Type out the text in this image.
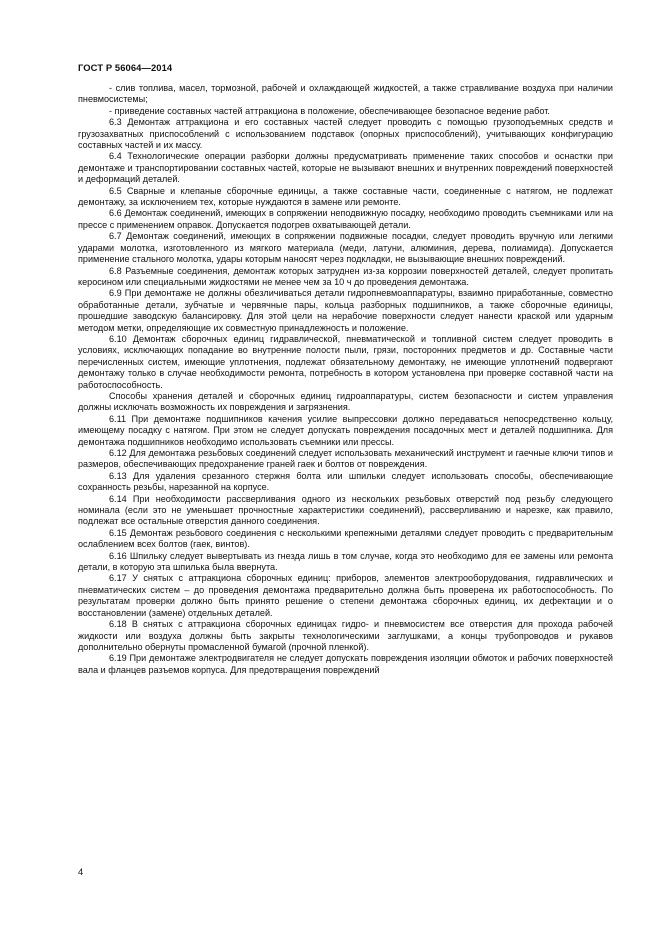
ГОСТ Р 56064—2014

- слив топлива, масел, тормозной, рабочей и охлаждающей жидкостей, а также стравливание воздуха при наличии пневмосистемы;

- приведение составных частей аттракциона в положение, обеспечивающее безопасное ведение работ.

6.3 Демонтаж аттракциона и его составных частей следует проводить с помощью грузоподъемных средств и грузозахватных приспособлений с использованием подставок (опорных приспособлений), учитывающих конфигурацию составных частей и их массу.

6.4 Технологические операции разборки должны предусматривать применение таких способов и оснастки при демонтаже и транспортировании составных частей, которые не вызывают внешних и внутренних повреждений поверхностей и деформаций деталей.

6.5 Сварные и клепаные сборочные единицы, а также составные части, соединенные с натягом, не подлежат демонтажу, за исключением тех, которые нуждаются в замене или ремонте.

6.6 Демонтаж соединений, имеющих в сопряжении неподвижную посадку, необходимо проводить съемниками или на прессе с применением оправок. Допускается подогрев охватывающей детали.

6.7 Демонтаж соединений, имеющих в сопряжении подвижные посадки, следует проводить вручную или легкими ударами молотка, изготовленного из мягкого материала (меди, латуни, алюминия, дерева, полиамида). Допускается применение стального молотка, удары которым наносят через подкладки, не вызывающие внешних повреждений.

6.8 Разъемные соединения, демонтаж которых затруднен из-за коррозии поверхностей деталей, следует пропитать керосином или специальными жидкостями не менее чем за 10 ч до проведения демонтажа.

6.9 При демонтаже не должны обезличиваться детали гидропневмоаппаратуры, взаимно приработанные, совместно обработанные детали, зубчатые и червячные пары, кольца разборных подшипников, а также сборочные единицы, прошедшие заводскую балансировку. Для этой цели на нерабочие поверхности следует нанести краской или ударным методом метки, определяющие их совместную принадлежность и положение.

6.10 Демонтаж сборочных единиц гидравлической, пневматической и топливной систем следует проводить в условиях, исключающих попадание во внутренние полости пыли, грязи, посторонних предметов и др. Составные части перечисленных систем, имеющие уплотнения, подлежат обязательному демонтажу, не имеющие уплотнений подвергают демонтажу только в случае необходимости ремонта, потребность в котором установлена при проверке составной части на работоспособность.

Способы хранения деталей и сборочных единиц гидроаппаратуры, систем безопасности и систем управления должны исключать возможность их повреждения и загрязнения.

6.11 При демонтаже подшипников качения усилие выпрессовки должно передаваться непосредственно кольцу, имеющему посадку с натягом. При этом не следует допускать повреждения посадочных мест и деталей подшипника. Для демонтажа подшипников необходимо использовать съемники или прессы.

6.12 Для демонтажа резьбовых соединений следует использовать механический инструмент и гаечные ключи типов и размеров, обеспечивающих предохранение граней гаек и болтов от повреждения.

6.13 Для удаления срезанного стержня болта или шпильки следует использовать способы, обеспечивающие сохранность резьбы, нарезанной на корпусе.

6.14 При необходимости рассверливания одного из нескольких резьбовых отверстий под резьбу следующего номинала (если это не уменьшает прочностные характеристики соединений), рассверливанию и нарезке, как правило, подлежат все остальные отверстия данного соединения.

6.15 Демонтаж резьбового соединения с несколькими крепежными деталями следует проводить с предварительным ослаблением всех болтов (гаек, винтов).

6.16 Шпильку следует вывертывать из гнезда лишь в том случае, когда это необходимо для ее замены или ремонта детали, в которую эта шпилька была ввернута.

6.17 У снятых с аттракциона сборочных единиц: приборов, элементов электрооборудования, гидравлических и пневматических систем – до проведения демонтажа предварительно должна быть проверена их работоспособность. По результатам проверки должно быть принято решение о степени демонтажа сборочных единиц, их дефектации и о восстановлении (замене) отдельных деталей.

6.18 В снятых с аттракциона сборочных единицах гидро- и пневмосистем все отверстия для прохода рабочей жидкости или воздуха должны быть закрыты технологическими заглушками, а концы трубопроводов и рукавов дополнительно обернуты промасленной бумагой (прочной пленкой).

6.19 При демонтаже электродвигателя не следует допускать повреждения изоляции обмоток и рабочих поверхностей вала и фланцев разъемов корпуса. Для предотвращения повреждений

4
